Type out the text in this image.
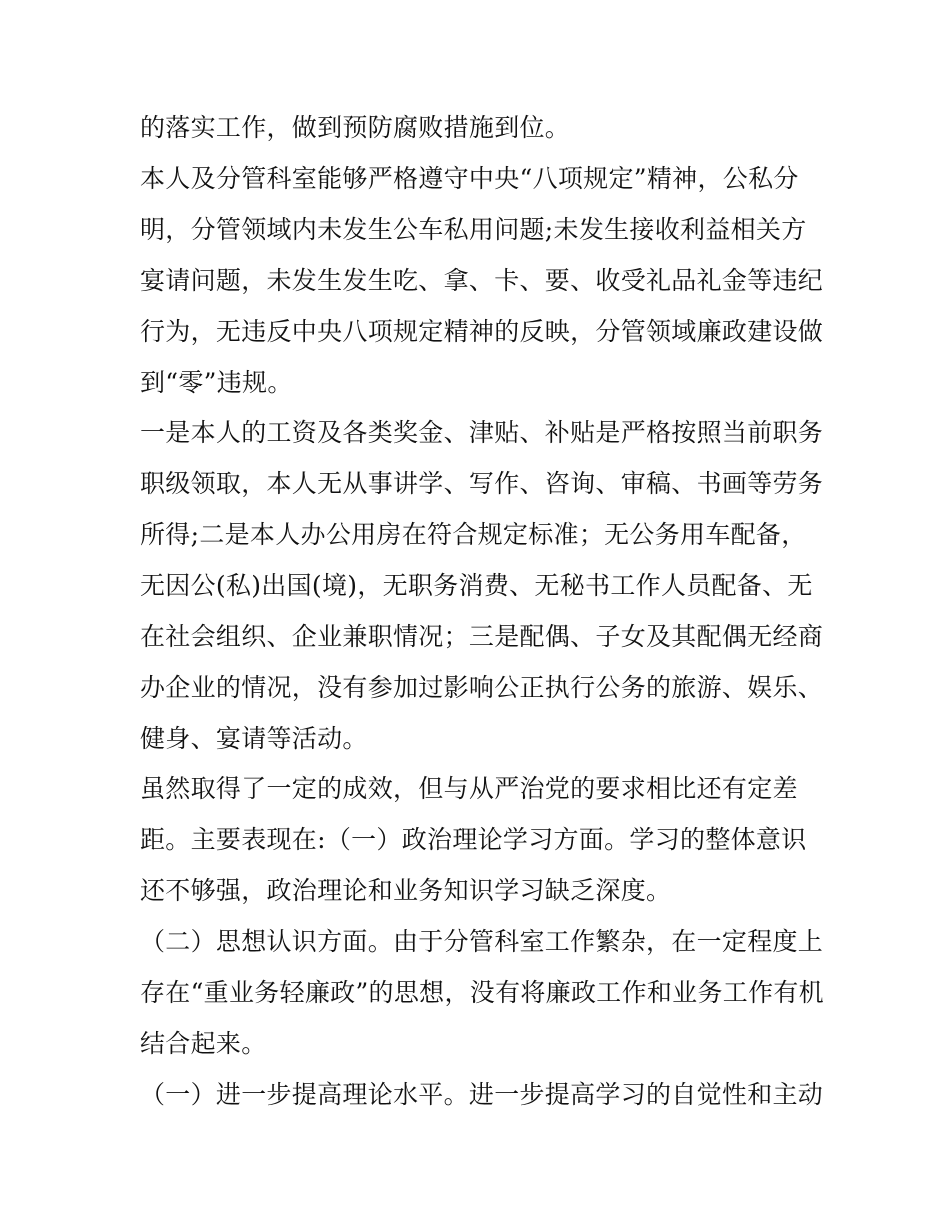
的落实工作，做到预防腐败措施到位。
本人及分管科室能够严格遵守中央“八项规定”精神，公私分
明，分管领域内未发生公车私用问题;未发生接收利益相关方
宴请问题，未发生发生吃、拿、卡、要、收受礼品礼金等违纪
行为，无违反中央八项规定精神的反映，分管领域廉政建设做
到“零”违规。
一是本人的工资及各类奖金、津贴、补贴是严格按照当前职务
职级领取，本人无从事讲学、写作、咨询、审稿、书画等劳务
所得;二是本人办公用房在符合规定标准；无公务用车配备，
无因公(私)出国(境)，无职务消费、无秘书工作人员配备、无
在社会组织、企业兼职情况；三是配偶、子女及其配偶无经商
办企业的情况，没有参加过影响公正执行公务的旅游、娱乐、
健身、宴请等活动。
虽然取得了一定的成效，但与从严治党的要求相比还有定差
距。主要表现在:（一）政治理论学习方面。学习的整体意识
还不够强，政治理论和业务知识学习缺乏深度。
（二）思想认识方面。由于分管科室工作繁杂，在一定程度上
存在“重业务轻廉政”的思想，没有将廉政工作和业务工作有机
结合起来。
（一）进一步提高理论水平。进一步提高学习的自觉性和主动
